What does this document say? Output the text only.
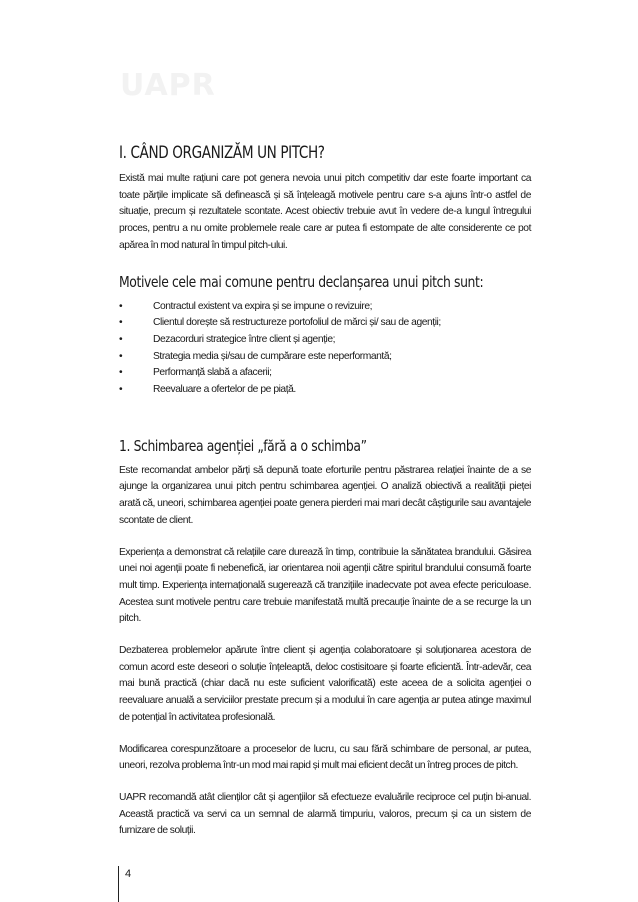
UAPR
I. CÂND ORGANIZĂM UN PITCH?

Există mai multe rațiuni care pot genera nevoia unui pitch competitiv dar este foarte important ca toate părțile implicate să definească și să înțeleagă motivele pentru care s-a ajuns într-o astfel de situație, precum și rezultatele scontate. Acest obiectiv trebuie avut în vedere de-a lungul întregului proces, pentru a nu omite problemele reale care ar putea fi estompate de alte considerente ce pot apărea în mod natural în timpul pitch-ului.

Motivele cele mai comune pentru declanșarea unui pitch sunt:
•	Contractul existent va expira și se impune o revizuire;
•	Clientul dorește să restructureze portofoliul de mărci și/ sau de agenții;
•	Dezacorduri strategice între client și agenție;
•	Strategia media și/sau de cumpărare este neperformantă;
•	Performanță slabă a afacerii;
•	Reevaluare a ofertelor de pe piață.
1. Schimbarea agenției „fără a o schimba”

Este recomandat ambelor părți să depună toate eforturile pentru păstrarea relației înainte de a se ajunge la organizarea unui pitch pentru schimbarea agenției. O analiză obiectivă a realității pieței arată că, uneori, schimbarea agenției poate genera pierderi mai mari decât câștigurile sau avantajele scontate de client.

Experiența a demonstrat că relațiile care durează în timp, contribuie la sănătatea brandului. Găsirea unei noi agenții poate fi nebenefică, iar orientarea noii agenții către spiritul brandului consumă foarte mult timp. Experiența internațională sugerează că tranzițiile inadecvate pot avea efecte periculoase. Acestea sunt motivele pentru care trebuie manifestată multă precauție înainte de a se recurge la un pitch.

Dezbaterea problemelor apărute între client și agenția colaboratoare și soluționarea acestora de comun acord este deseori o soluție înțeleaptă, deloc costisitoare și foarte eficientă. Într-adevăr, cea mai bună practică (chiar dacă nu este suficient valorificată) este aceea de a solicita agenției o reevaluare anuală a serviciilor prestate precum și a modului în care agenția ar putea atinge maximul de potențial în activitatea profesională.

Modificarea corespunzătoare a proceselor de lucru, cu sau fără schimbare de personal, ar putea, uneori, rezolva problema într-un mod mai rapid și mult mai eficient decât un întreg proces de pitch.

UAPR recomandă atât clienților cât și agențiilor să efectueze evaluările reciproce cel puțin bi-anual. Această practică va servi ca un semnal de alarmă timpuriu, valoros, precum și ca un sistem de furnizare de soluții.

4
